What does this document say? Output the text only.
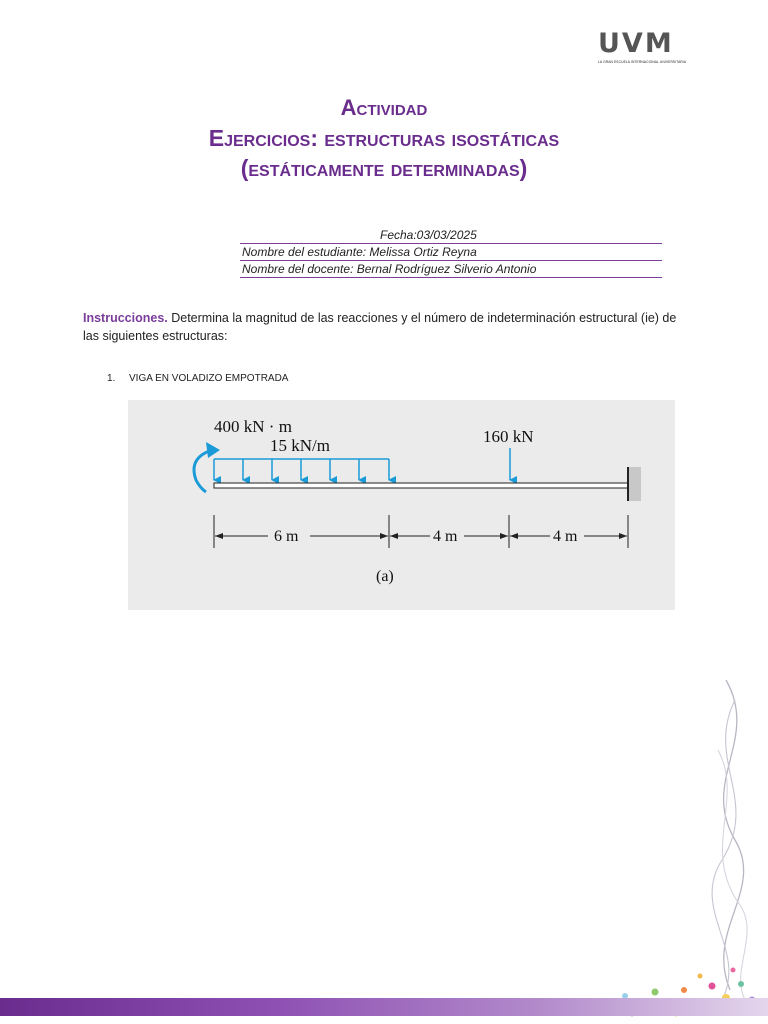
UVM
LA GRAN ESCUELA INTERNACIONAL UNIVERSITARIA
Actividad
Ejercicios: estructuras isostáticas
(estáticamente determinadas)
Fecha:03/03/2025
Nombre del estudiante: Melissa Ortiz Reyna
Nombre del docente: Bernal Rodríguez Silverio Antonio
Instrucciones. Determina la magnitud de las reacciones y el número de indeterminación estructural (ie) de las siguientes estructuras:
1. VIGA EN VOLADIZO EMPOTRADA
400 kN · m
15 kN/m	160 kN
6 m	4 m	4 m
(a)
